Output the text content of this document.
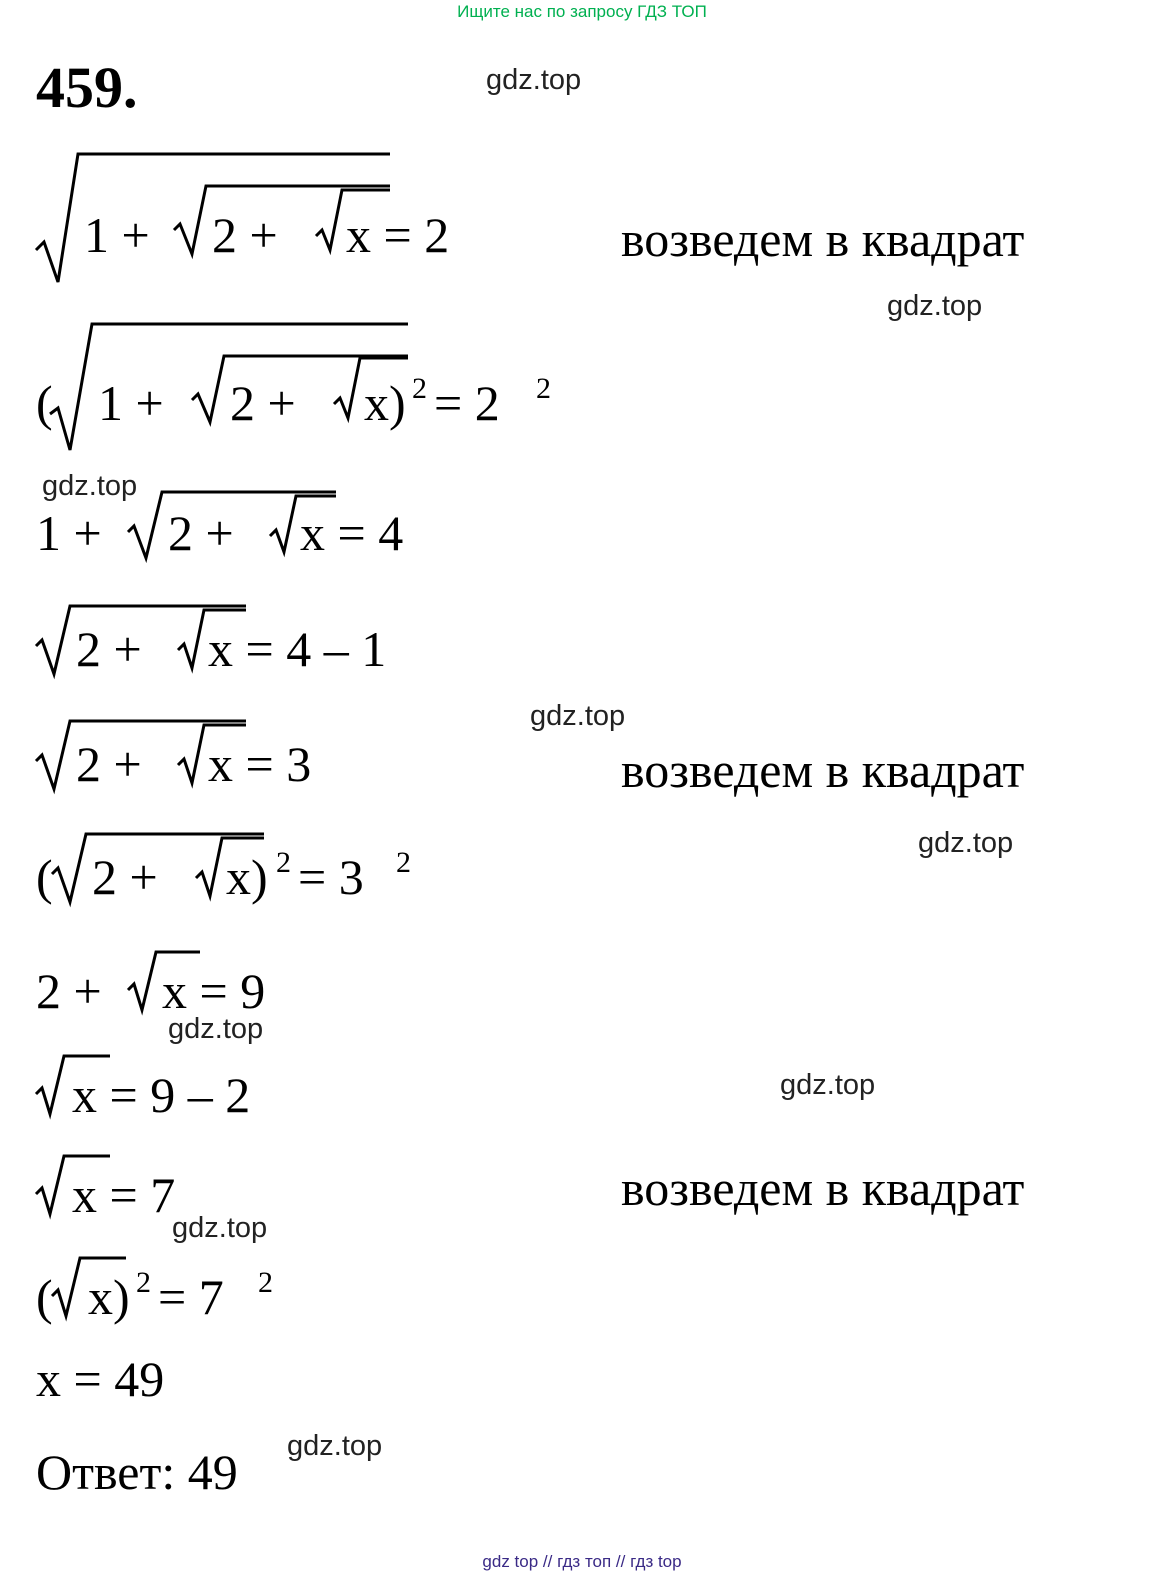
Ищите нас по запросу ГДЗ ТОП
459.	gdz.top
gdz.top
gdz.top
gdz.top
gdz.top
gdz.top
gdz.top
gdz.top
gdz.top
1 + 2 + x = 2	возведем в квадрат
( 1 + 2 + x) 2 = 2 2
1 + 2 + x = 4
2 + x = 4 – 1
2 + x = 3	возведем в квадрат
( 2 + x) 2 = 3 2
2 + x = 9
x = 9 – 2
x = 7	возведем в квадрат
( x) 2 = 7 2
x = 49
Ответ: 49
gdz top // гдз топ // гдз top
